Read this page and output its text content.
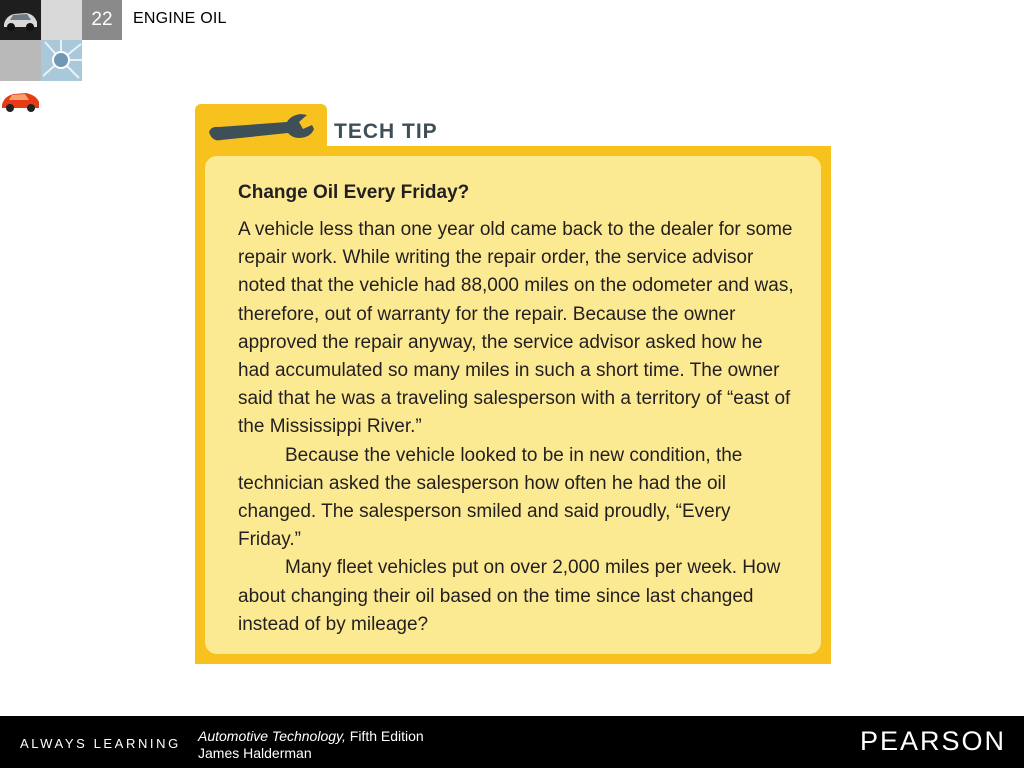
22	ENGINE OIL
TECH TIP
Change Oil Every Friday?

A vehicle less than one year old came back to the dealer for some repair work. While writing the repair order, the service advisor noted that the vehicle had 88,000 miles on the odometer and was, therefore, out of warranty for the repair. Because the owner approved the repair anyway, the service advisor asked how he had accumulated so many miles in such a short time. The owner said that he was a traveling salesperson with a territory of “east of the Mississippi River.”

Because the vehicle looked to be in new condition, the technician asked the salesperson how often he had the oil changed. The salesperson smiled and said proudly, “Every Friday.”

Many fleet vehicles put on over 2,000 miles per week. How about changing their oil based on the time since last changed instead of by mileage?

ALWAYS LEARNING Automotive Technology, Fifth Edition
James Halderman	PEARSON
